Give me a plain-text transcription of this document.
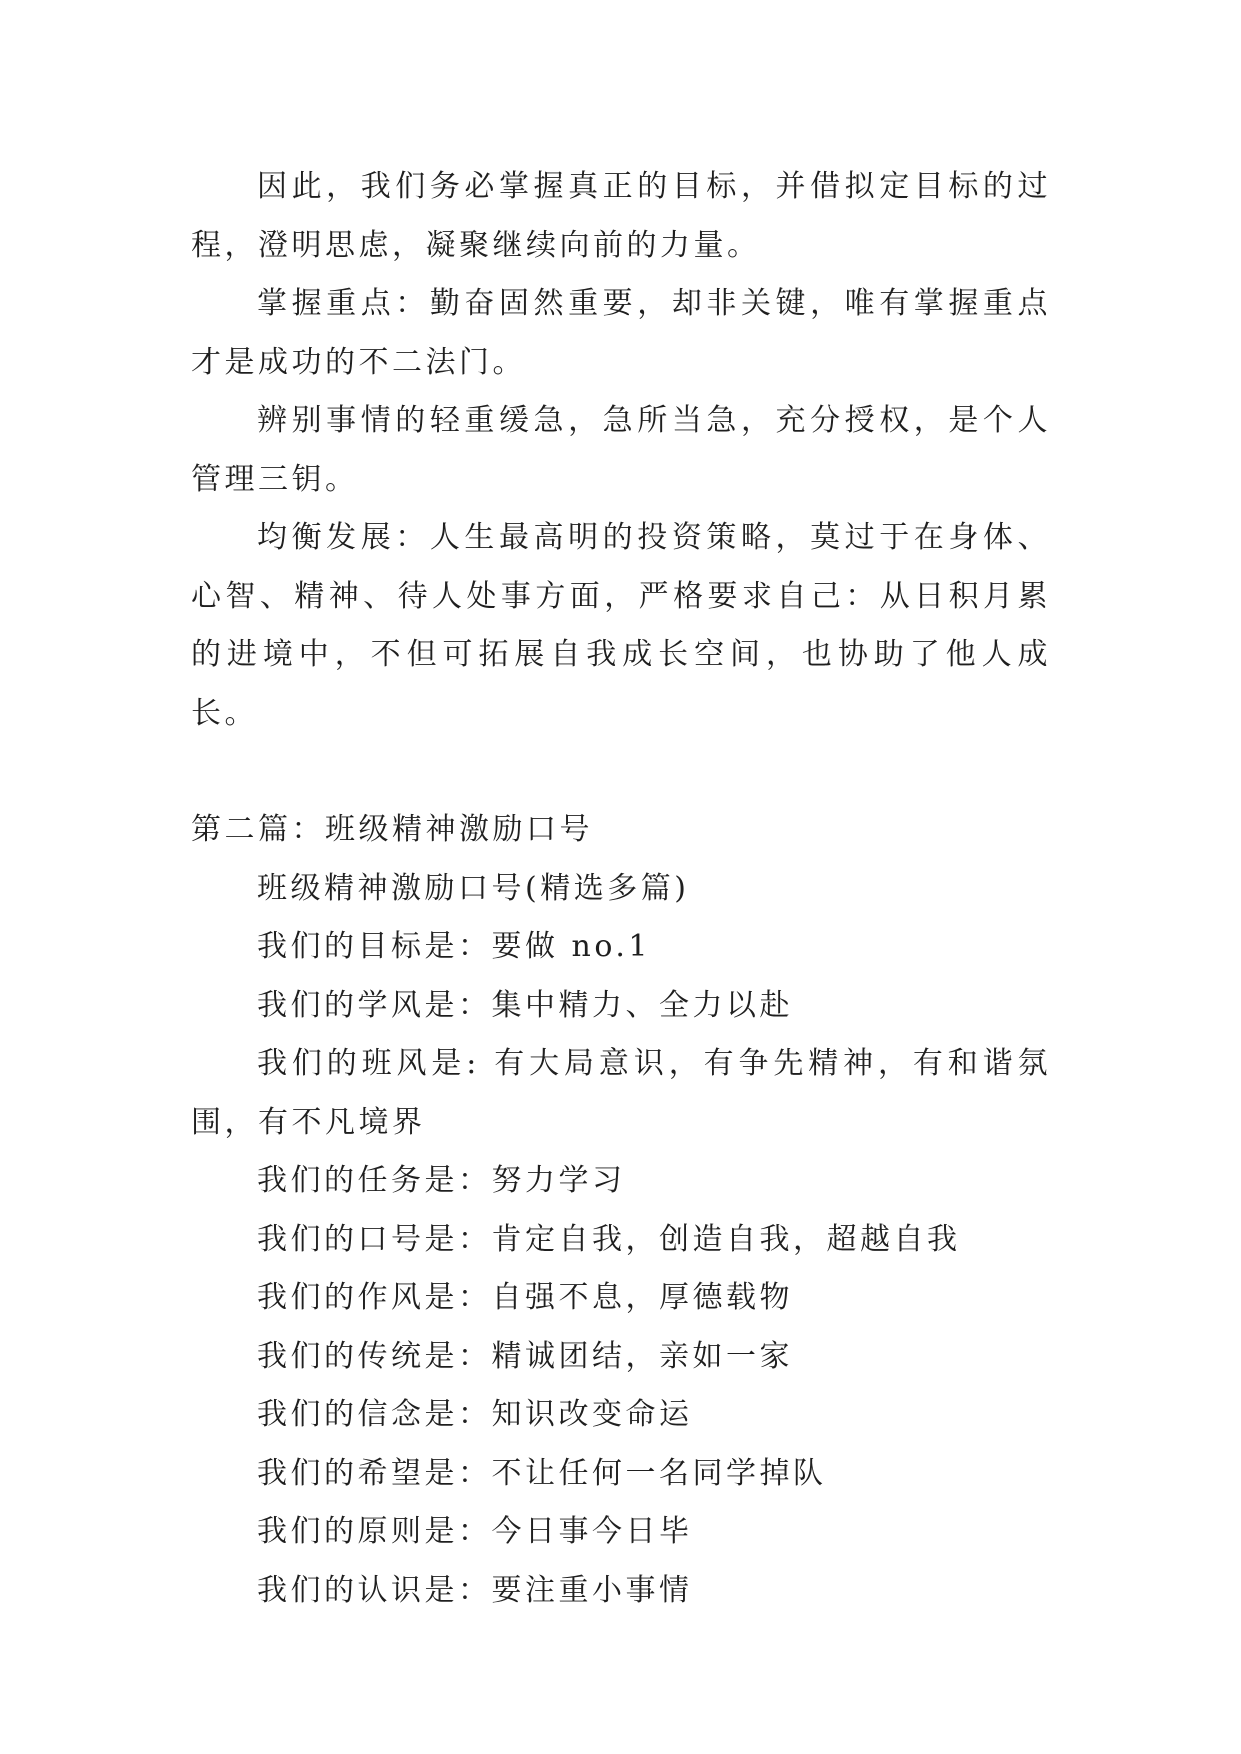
因此，我们务必掌握真正的目标，并借拟定目标的过程，澄明思虑，凝聚继续向前的力量。

掌握重点：勤奋固然重要，却非关键，唯有掌握重点才是成功的不二法门。

辨别事情的轻重缓急，急所当急，充分授权，是个人管理三钥。

均衡发展：人生最高明的投资策略，莫过于在身体、心智、精神、待人处事方面，严格要求自己：从日积月累的进境中，不但可拓展自我成长空间，也协助了他人成长。

第二篇：班级精神激励口号

班级精神激励口号(精选多篇)

我们的目标是：要做 no.1

我们的学风是：集中精力、全力以赴

我们的班风是: 有大局意识，有争先精神，有和谐氛围，有不凡境界

我们的任务是：努力学习

我们的口号是：肯定自我，创造自我，超越自我

我们的作风是：自强不息，厚德载物

我们的传统是：精诚团结，亲如一家

我们的信念是：知识改变命运

我们的希望是：不让任何一名同学掉队

我们的原则是：今日事今日毕

我们的认识是：要注重小事情
